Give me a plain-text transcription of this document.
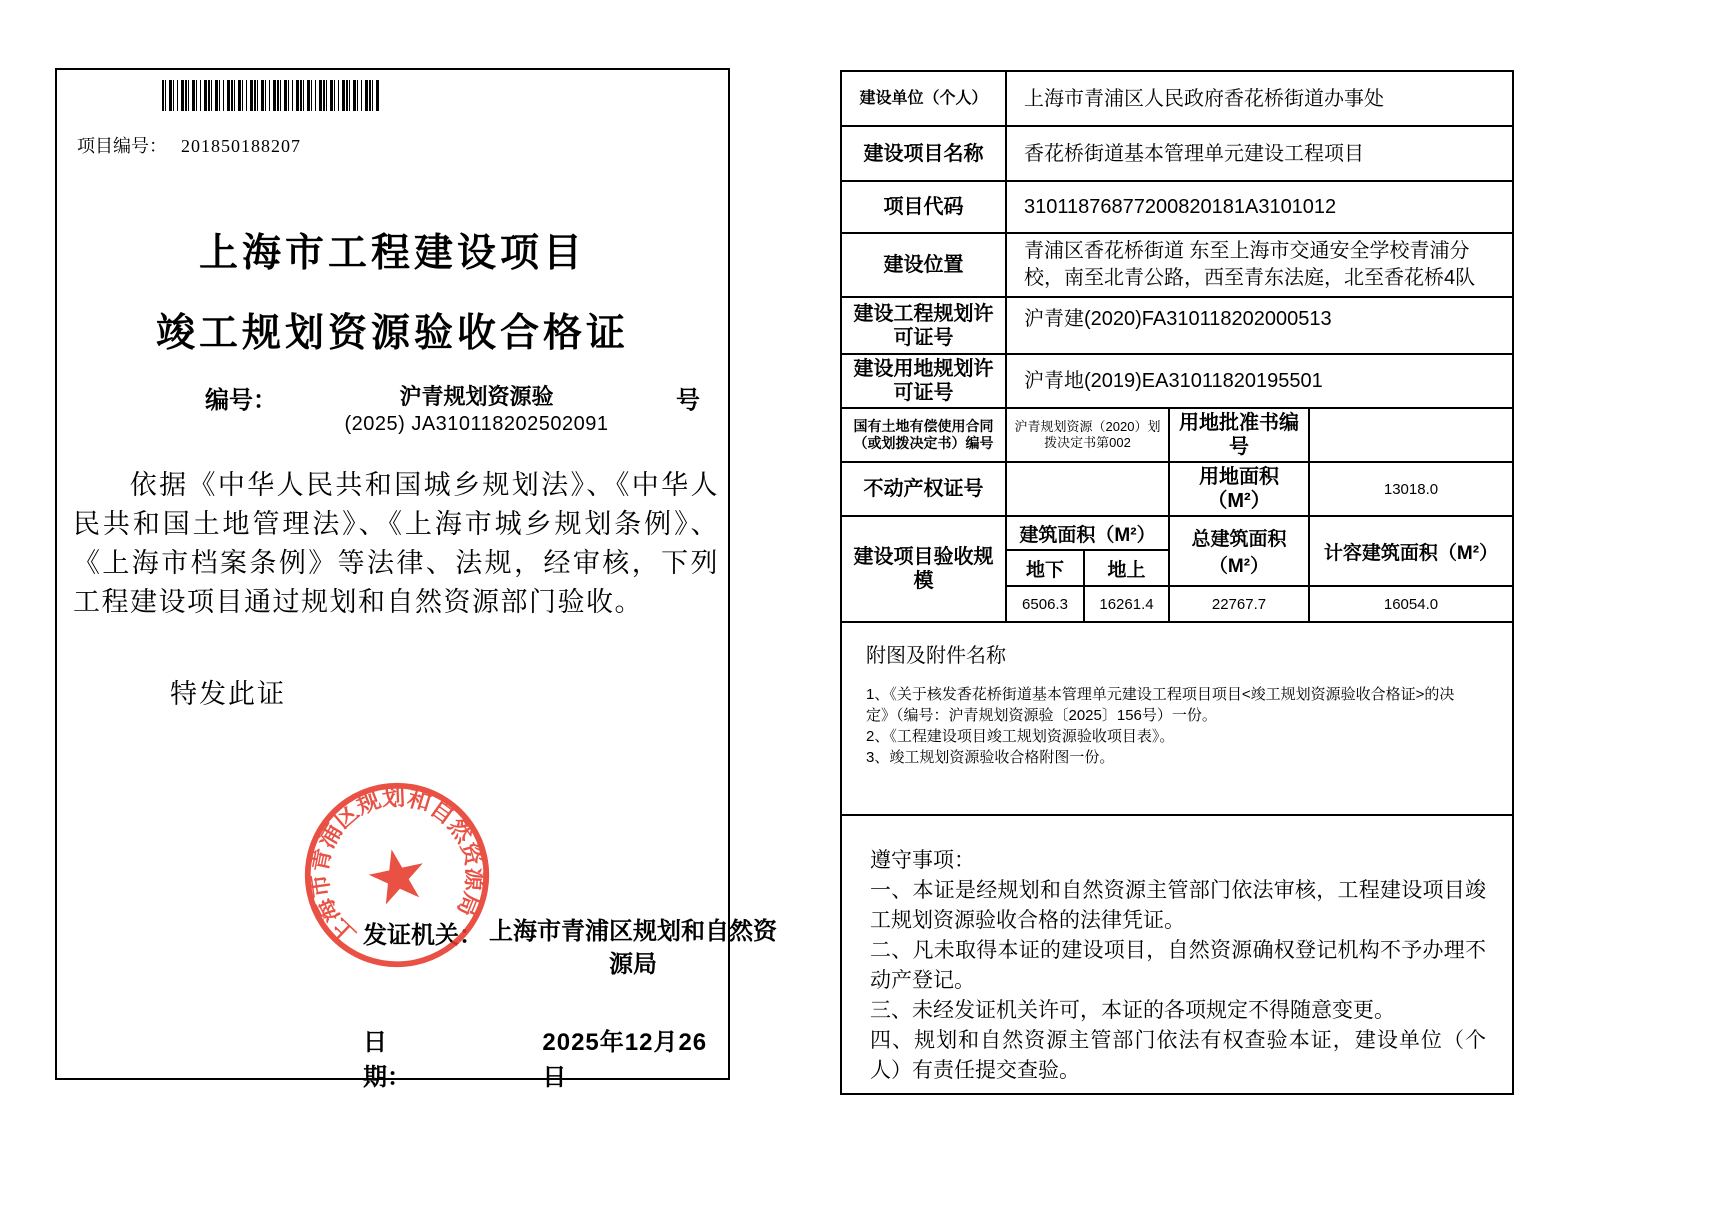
项目编号： 201850188207
上海市工程建设项目
竣工规划资源验收合格证
编号：	沪青规划资源验
(2025) JA310118202502091
号
依据《中华人民共和国城乡规划法》、《中华人民共和国土地管理法》、《上海市城乡规划条例》、《上海市档案条例》等法律、法规，经审核，下列工程建设项目通过规划和自然资源部门验收。
特发此证
发证机关： 上海市青浦区规划和自然资源局
日　　期：
2025年12月26日
上海市青浦区规划和自然资源局
建设单位（个人）	上海市青浦区人民政府香花桥街道办事处			
建设项目名称	香花桥街道基本管理单元建设工程项目			
项目代码	31011876877200820181A3101012			
建设位置	青浦区香花桥街道 东至上海市交通安全学校青浦分校，南至北青公路，西至青东法庭，北至香花桥4队			
建设工程规划许可证号	沪青建(2020)FA310118202000513			
建设用地规划许可证号	沪青地(2019)EA31011820195501			
国有土地有偿使用合同（或划拨决定书）编号	沪青规划资源（2020）划拨决定书第002		用地批准书编号	
不动产权证号			用地面积（M²）	13018.0
建设项目验收规模	建筑面积（M²）		总建筑面积（M²）	计容建筑面积（M²）
	地下	地上		
	6506.3	16261.4	22767.7	16054.0

附图及附件名称
1、《关于核发香花桥街道基本管理单元建设工程项目项目<竣工规划资源验收合格证>的决定》（编号：沪青规划资源验〔2025〕156号）一份。
2、《工程建设项目竣工规划资源验收项目表》。
3、竣工规划资源验收合格附图一份。				

遵守事项：
一、本证是经规划和自然资源主管部门依法审核，工程建设项目竣工规划资源验收合格的法律凭证。
二、凡未取得本证的建设项目，自然资源确权登记机构不予办理不动产登记。
三、未经发证机关许可，本证的各项规定不得随意变更。
四、规划和自然资源主管部门依法有权查验本证，建设单位（个人）有责任提交查验。				
